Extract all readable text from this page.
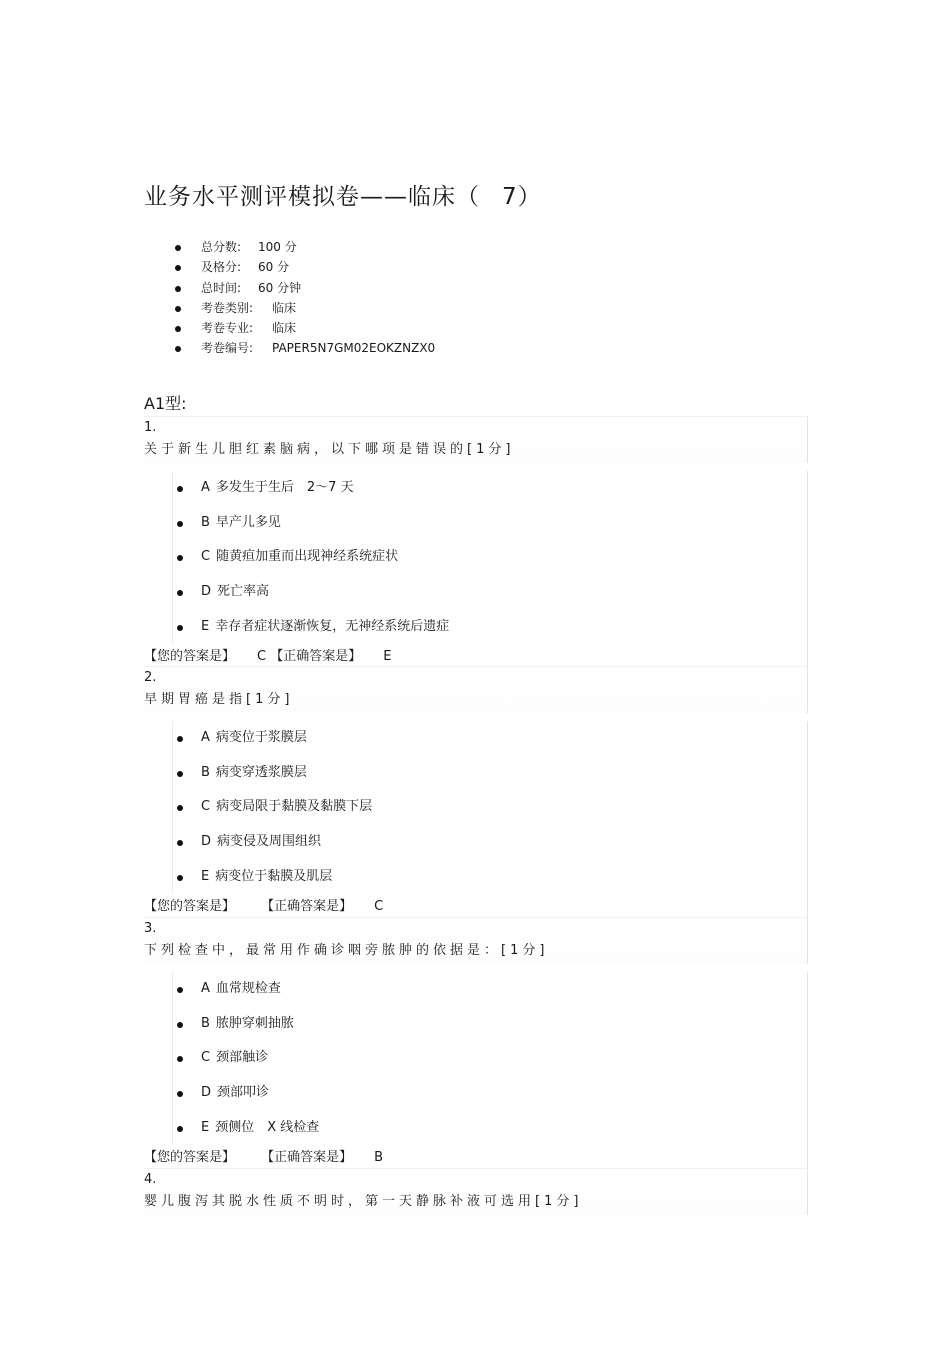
业务水平测评模拟卷——临床（ 7）
总分数: 100 分
及格分: 60 分
总时间: 60 分钟
考卷类别: 临床
考卷专业: 临床
考卷编号: PAPER5N7GM02EOKZNZX0
A1型:
1.
关于新生儿胆红素脑病，以下哪项是错误的[1分]
A 多发生于生后　2～7 天
B 早产儿多见
C 随黄疸加重而出现神经系统症状
D 死亡率高
E 幸存者症状逐渐恢复，无神经系统后遗症
【您的答案是】 C 【正确答案是】 E
2.
早期胃癌是指[1分]
A 病变位于浆膜层
B 病变穿透浆膜层
C 病变局限于黏膜及黏膜下层
D 病变侵及周围组织
E 病变位于黏膜及肌层
【您的答案是】 【正确答案是】 C
3.
下列检查中，最常用作确诊咽旁脓肿的依据是：[1分]
A 血常规检查
B 脓肿穿刺抽脓
C 颈部触诊
D 颈部叩诊
E 颈侧位　X 线检查
【您的答案是】 【正确答案是】 B
4.
婴儿腹泻其脱水性质不明时，第一天静脉补液可选用[1分]
